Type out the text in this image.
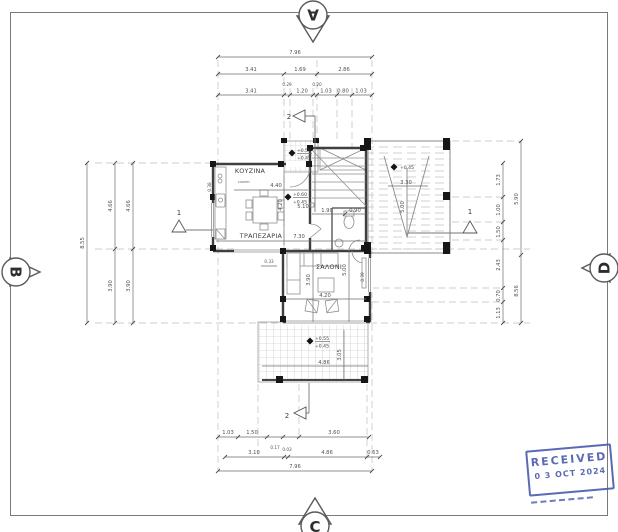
ΚΟΥΖΙΝΑ
cooker
ΤΡΑΠΕΖΑΡΙΑ
ΣΑΛΟΝΙ
+0.55
+0.45
+0.60
+0.45
+0.45
+0.55
+0.45
7.96
3.41	1.69	2.86
0.29	0.20
3.41	1.20 1.03 0.80 1.03
8.55
4.66
3.90
4.66
3.90
1.73
1.00
1.50
2.43
0.70
1.13
5.90
8.56
1.03 1.50	3.60
0.17
3.10
0.03
4.86	0.63
7.96
4.40
4.20	5.10
7.30
0.38
1.90	0.90
0.33
3.90
4.20
5.00
0.39
3.30
5.00
4.86
3.05
1	1
2
2
A
B	D
C
RECEIVED
0 3 OCT 2024
